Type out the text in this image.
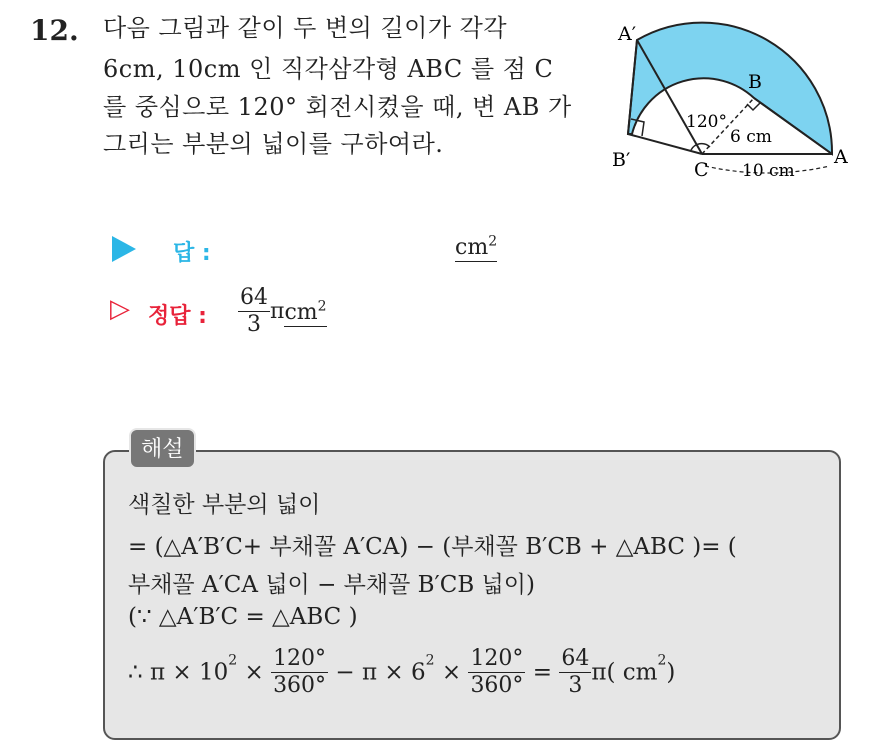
12. 다음 그림과 같이 두 변의 길이가 각각
6cm, 10cm 인 직각삼각형 ABC 를 점 C
를 중심으로 120° 회전시켰을 때, 변 AB 가
그리는 부분의 넓이를 구하여라.
A′
B
B′	C
A
120°
6 cm
10 cm
답 :	$cm^2$
▷ 정답 : $\frac{64}{3} \pi cm^2$
해설
색칠한 부분의 넓이
= (△A′B′C+ 부채꼴 A′CA) − (부채꼴 B′CB + △ABC )= (
부채꼴 A′CA 넓이 − 부채꼴 B′CB 넓이)
(∵ △A′B′C = △ABC )
∴ $\pi \times 10^2 \times \frac{120^\circ}{360^\circ} - \pi \times 6^2 \times \frac{120^\circ}{360^\circ} = \frac{64}{3} \pi$( $cm^2$)
